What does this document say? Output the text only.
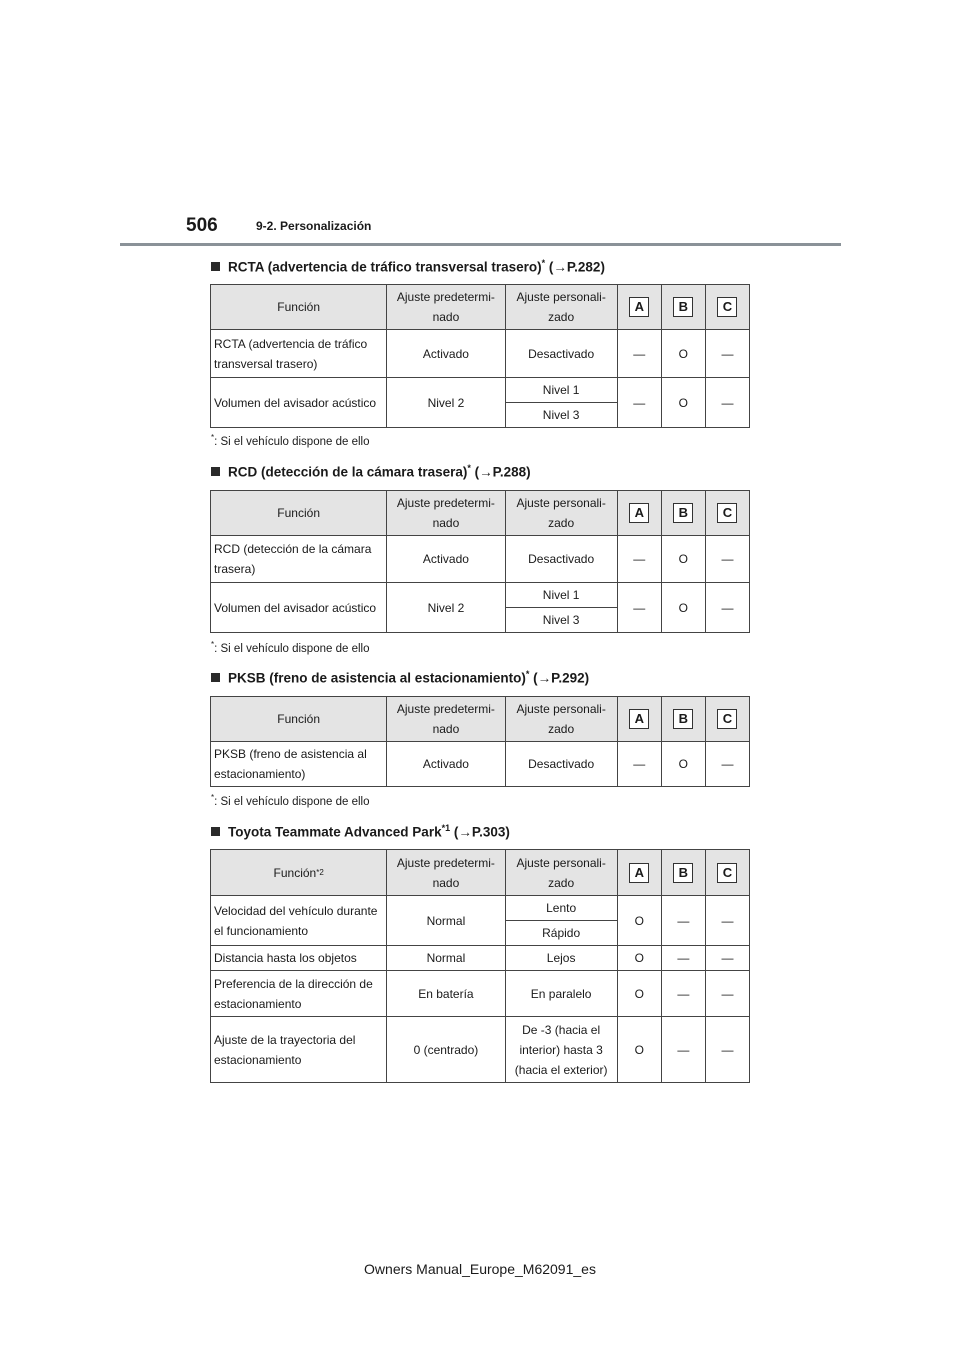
506	9-2. Personalización
RCTA (advertencia de tráfico transversal trasero)* (→P.282)
Función	Ajuste predetermi-nado	Ajuste personali-zado	A	B	C
RCTA (advertencia de tráfico transversal trasero)	Activado	Desactivado	—	O	—
Volumen del avisador acústico	Nivel 2	Nivel 1	—	O	—
		Nivel 3			
*: Si el vehículo dispone de ello
RCD (detección de la cámara trasera)* (→P.288)
Función	Ajuste predetermi-nado	Ajuste personali-zado	A	B	C
RCD (detección de la cámara trasera)	Activado	Desactivado	—	O	—
Volumen del avisador acústico	Nivel 2	Nivel 1	—	O	—
		Nivel 3			
*: Si el vehículo dispone de ello
PKSB (freno de asistencia al estacionamiento)* (→P.292)
Función	Ajuste predetermi-nado	Ajuste personali-zado	A	B	C
PKSB (freno de asistencia al estacionamiento)	Activado	Desactivado	—	O	—
*: Si el vehículo dispone de ello
Toyota Teammate Advanced Park$^{*1}$ (→P.303)
Función$^{*2}$	Ajuste predetermi-nado	Ajuste personali-zado	A	B	C
Velocidad del vehículo durante el funcionamiento	Normal	Lento	O	—	—
		Rápido			
Distancia hasta los objetos	Normal	Lejos	O	—	—
Preferencia de la dirección de estacionamiento	En batería	En paralelo	O	—	—
Ajuste de la trayectoria del estacionamiento	0 (centrado)	De -3 (hacia el interior) hasta 3 (hacia el exterior)	O	—	—
Owners Manual_Europe_M62091_es
